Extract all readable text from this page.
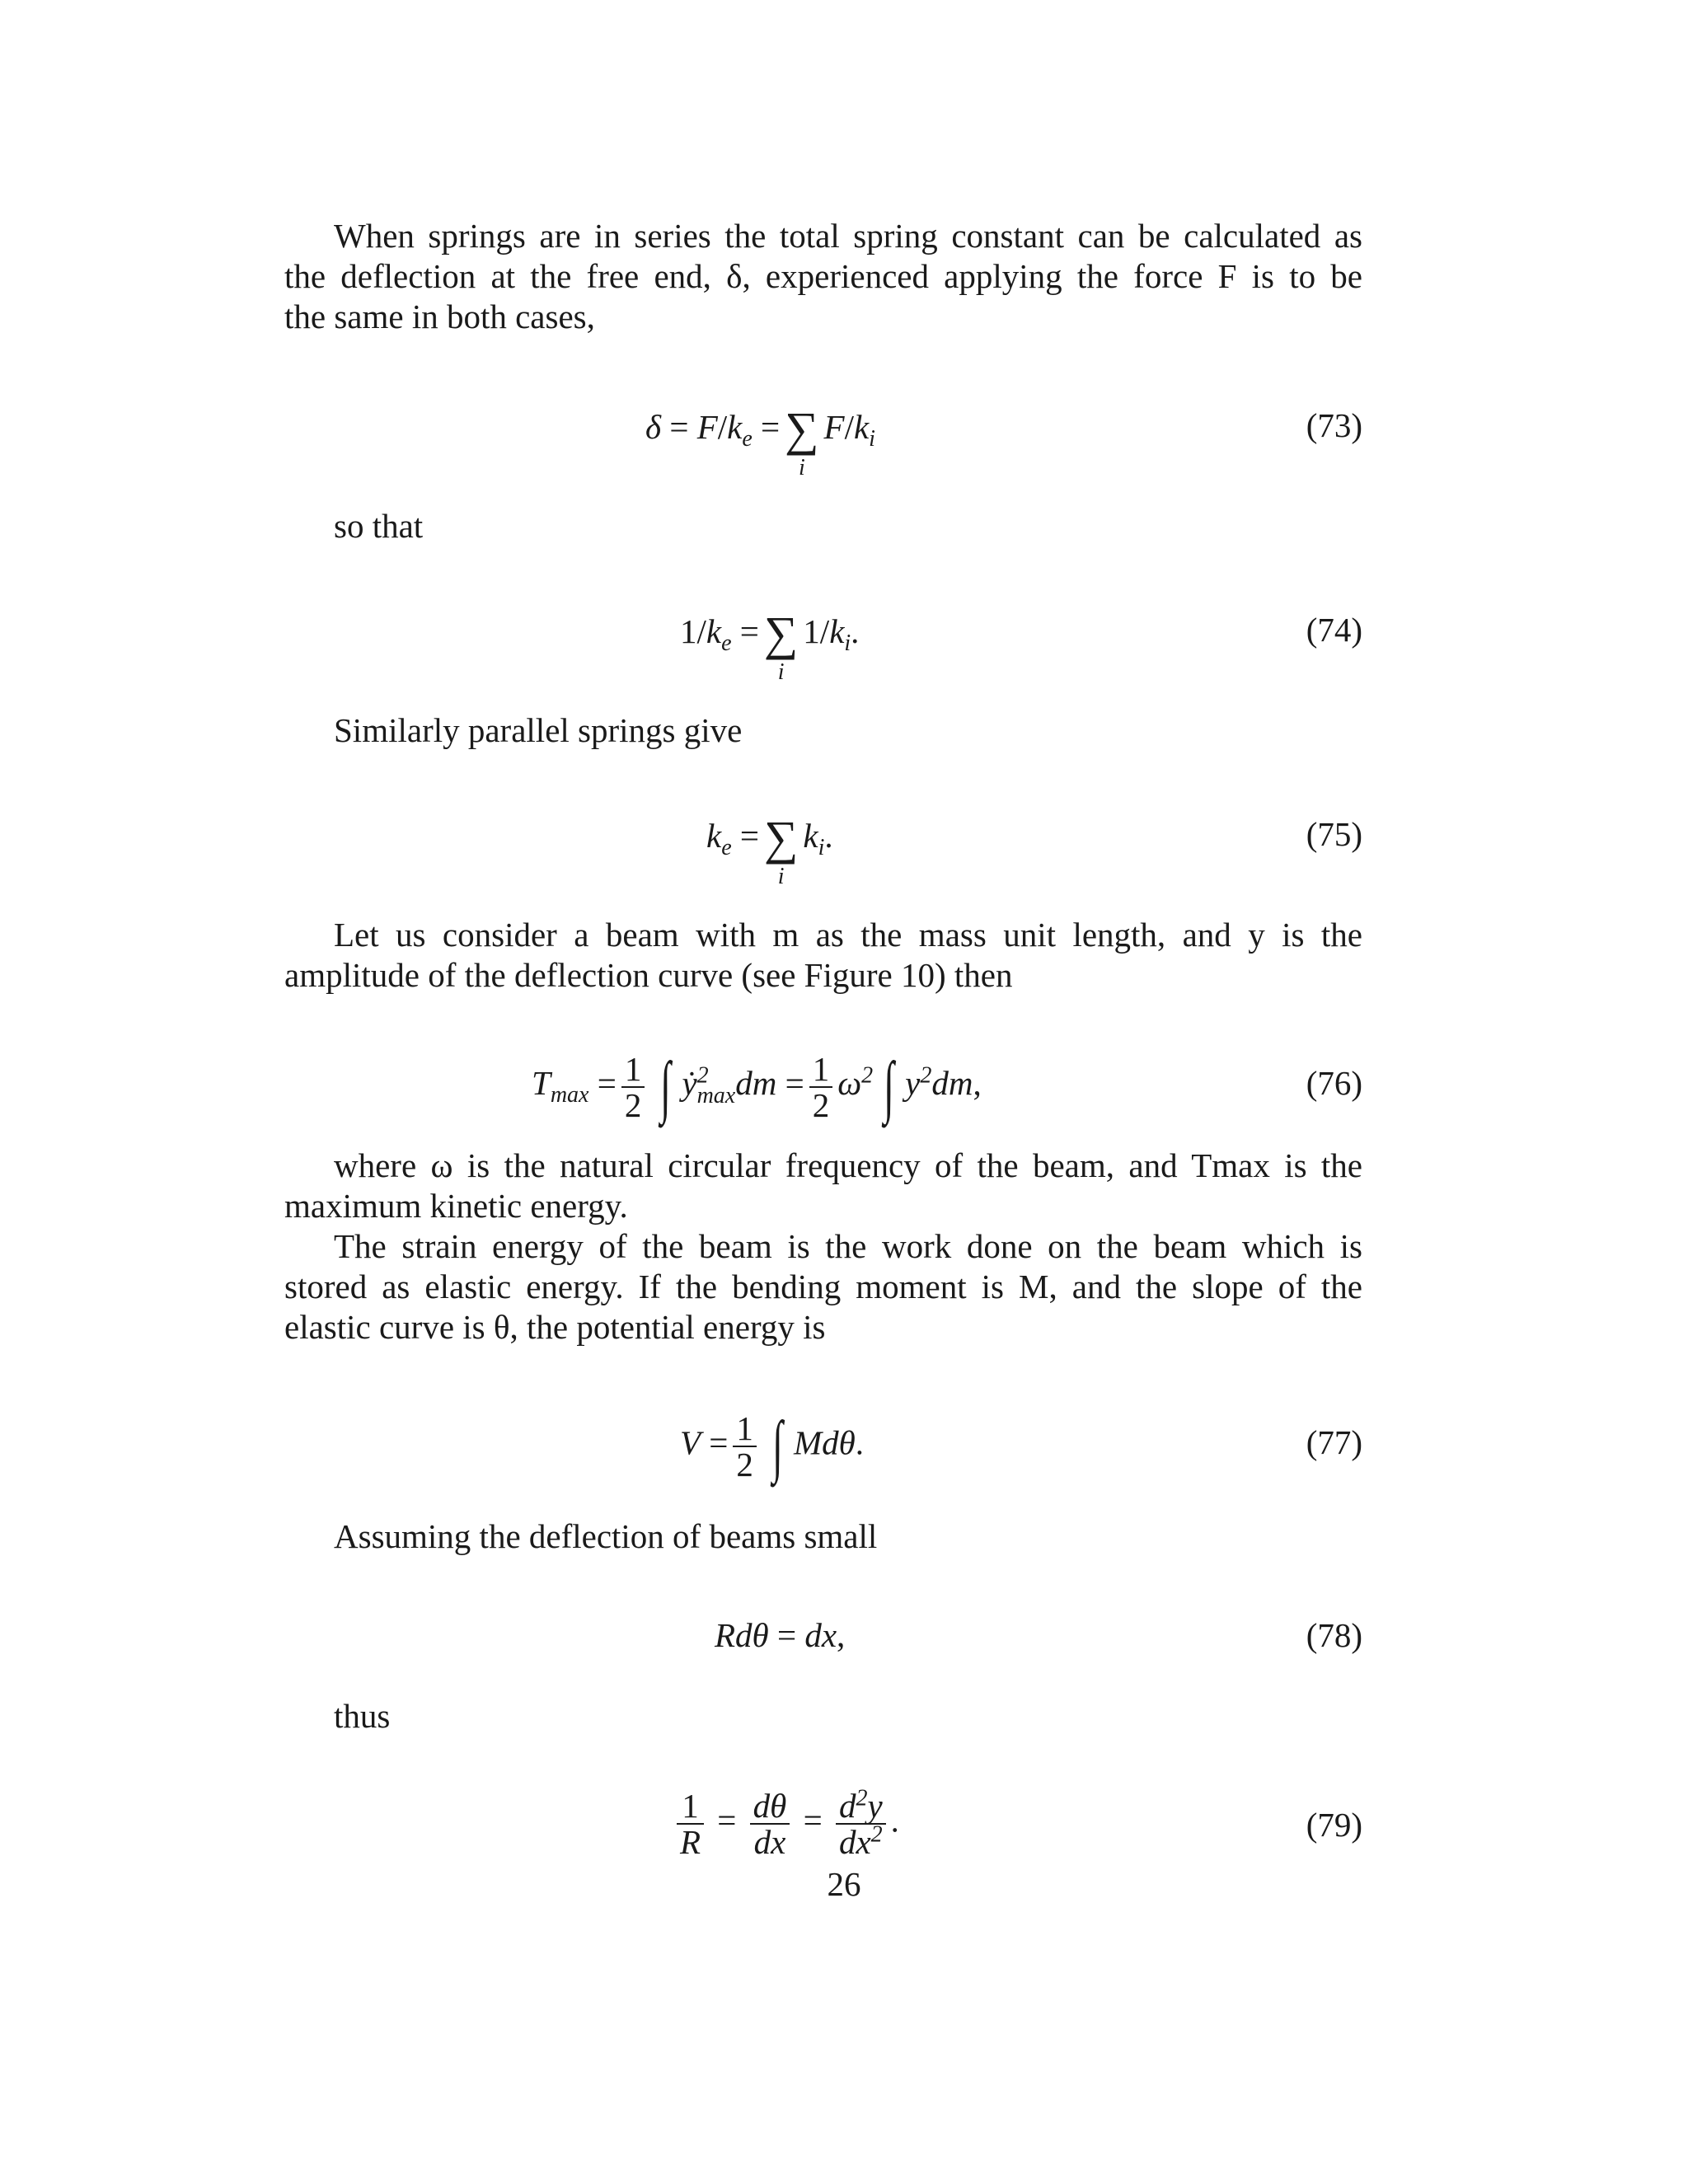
When springs are in series the total spring constant can be calculated as
the deflection at the free end, δ, experienced applying the force F is to be
the same in both cases,

$\delta = F/k_e$ = ∑
i
$F/k_i$	(73)

so that

$1/k_e$ = ∑
i
$1/k_i$.	(74)

Similarly parallel springs give

$k_e$ = ∑
i
$k_i$.	(75)

Let us consider a beam with m as the mass unit length, and y is the
amplitude of the deflection curve (see Figure 10) then

$T_{max} = \frac{1}{2}$ ∫ ẏ$^2_{max}$dm = $\frac{1}{2} \omega^2$ ∫ $y^2dm$,	(76)

where ω is the natural circular frequency of the beam, and Tmax is the
maximum kinetic energy.

The strain energy of the beam is the work done on the beam which is
stored as elastic energy. If the bending moment is M, and the slope of the
elastic curve is θ, the potential energy is

$V = \frac{1}{2}$ ∫ Mdθ.	(77)

Assuming the deflection of beams small

Rdθ = dx,	(78)

thus

$\frac{1}{R} = \frac{d\theta}{dx} = \frac{d^2y}{dx^2}$ .	(79)
26
